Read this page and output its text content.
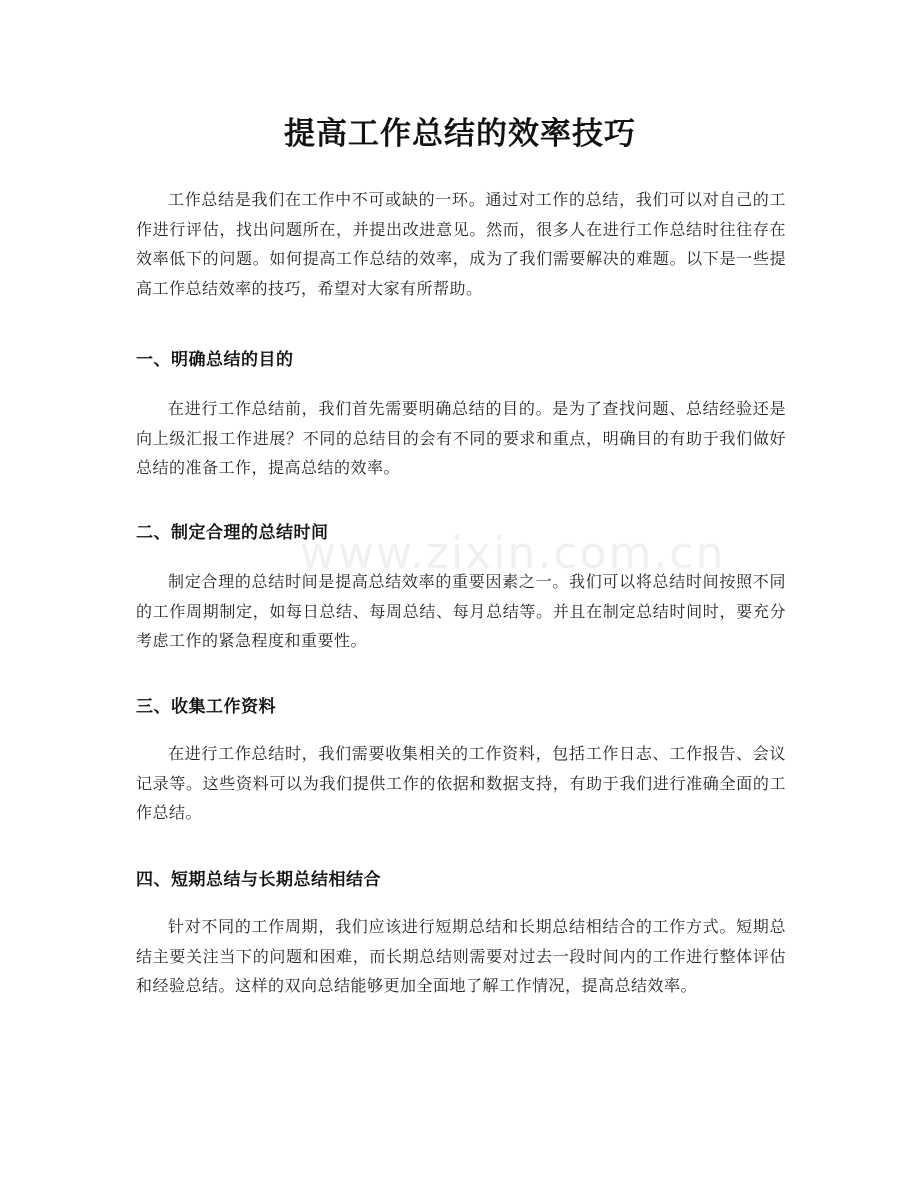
提高工作总结的效率技巧

工作总结是我们在工作中不可或缺的一环。通过对工作的总结，我们可以对自己的工作进行评估，找出问题所在，并提出改进意见。然而，很多人在进行工作总结时往往存在效率低下的问题。如何提高工作总结的效率，成为了我们需要解决的难题。以下是一些提高工作总结效率的技巧，希望对大家有所帮助。

一、明确总结的目的

在进行工作总结前，我们首先需要明确总结的目的。是为了查找问题、总结经验还是向上级汇报工作进展？不同的总结目的会有不同的要求和重点，明确目的有助于我们做好总结的准备工作，提高总结的效率。

二、制定合理的总结时间

制定合理的总结时间是提高总结效率的重要因素之一。我们可以将总结时间按照不同的工作周期制定，如每日总结、每周总结、每月总结等。并且在制定总结时间时，要充分考虑工作的紧急程度和重要性。

三、收集工作资料

在进行工作总结时，我们需要收集相关的工作资料，包括工作日志、工作报告、会议记录等。这些资料可以为我们提供工作的依据和数据支持，有助于我们进行准确全面的工作总结。

四、短期总结与长期总结相结合

针对不同的工作周期，我们应该进行短期总结和长期总结相结合的工作方式。短期总结主要关注当下的问题和困难，而长期总结则需要对过去一段时间内的工作进行整体评估和经验总结。这样的双向总结能够更加全面地了解工作情况，提高总结效率。

www.zixin.com.cn
